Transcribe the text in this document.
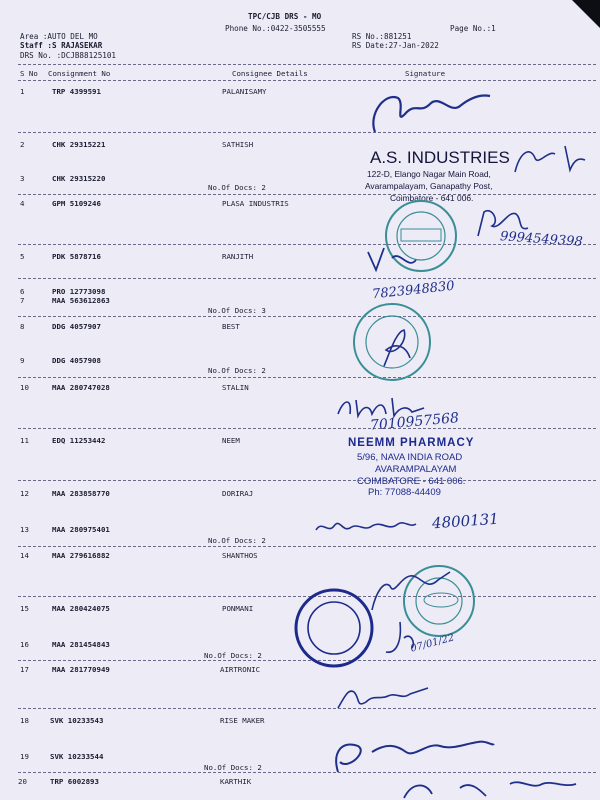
TPC/CJB DRS - MO
Phone No.:0422-3505555
Area :AUTO DEL MO
Staff :S RAJASEKAR
DRS No. :DCJB88125101
RS No.:881251
RS Date:27-Jan-2022
Page No.:1
S No Consignment No	Consignee Details	Signature
1	TRP 4399591	PALANISAMY
2	CHK 29315221	SATHISH
3	CHK 29315220
No.Of Docs: 2
4	GPM 5109246	PLASA INDUSTRIS
5	PDK 5878716	RANJITH
6	PRO 12773098
7	MAA 563612863
No.Of Docs: 3
8	DDG 4057907	BEST
9	DDG 4057908
No.Of Docs: 2
10	MAA 280747028	STALIN
11	EDQ 11253442	NEEM
12	MAA 283858770	DORIRAJ
13	MAA 280975401
No.Of Docs: 2
14	MAA 279616882	SHANTHOS
15	MAA 280424075	PONMANI
16	MAA 281454843
No.Of Docs: 2
17	MAA 281770949	AIRTRONIC
18	SVK 10233543	RISE MAKER
19	SVK 10233544
No.Of Docs: 2
20	TRP 6002893	KARTHIK
A.S. INDUSTRIES
122-D, Elango Nagar Main Road,
Avarampalayam, Ganapathy Post,
Coimbatore - 641 006.
NEEMM PHARMACY
5/96, NAVA INDIA ROAD
AVARAMPALAYAM
COIMBATORE - 641 006.
Ph: 77088-44409
9994549398
7823948830
7010957568
4800131
07/01/22
